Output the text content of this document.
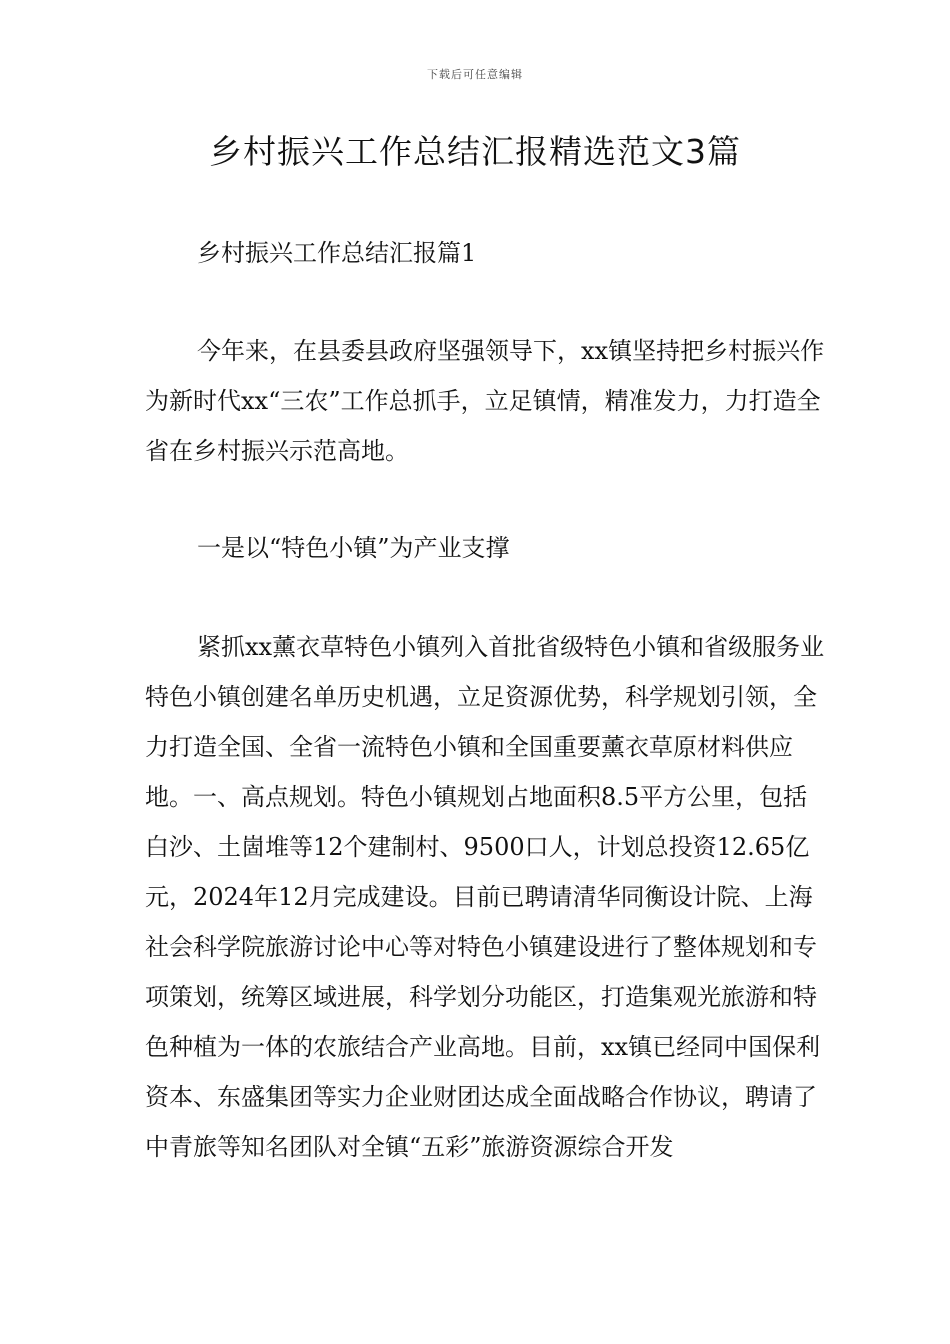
下载后可任意编辑
乡村振兴工作总结汇报精选范文3篇

乡村振兴工作总结汇报篇1

今年来，在县委县政府坚强领导下，xx镇坚持把乡村振兴作为新时代xx“三农”工作总抓手，立足镇情，精准发力，力打造全省在乡村振兴示范高地。

一是以“特色小镇”为产业支撑

紧抓xx薰衣草特色小镇列入首批省级特色小镇和省级服务业特色小镇创建名单历史机遇，立足资源优势，科学规划引领，全力打造全国、全省一流特色小镇和全国重要薰衣草原材料供应地。一、高点规划。特色小镇规划占地面积8.5平方公里，包括白沙、土崮堆等12个建制村、9500口人，计划总投资12.65亿元，2024年12月完成建设。目前已聘请清华同衡设计院、上海社会科学院旅游讨论中心等对特色小镇建设进行了整体规划和专项策划，统筹区域进展，科学划分功能区，打造集观光旅游和特色种植为一体的农旅结合产业高地。目前，xx镇已经同中国保利资本、东盛集团等实力企业财团达成全面战略合作协议，聘请了中青旅等知名团队对全镇“五彩”旅游资源综合开发
